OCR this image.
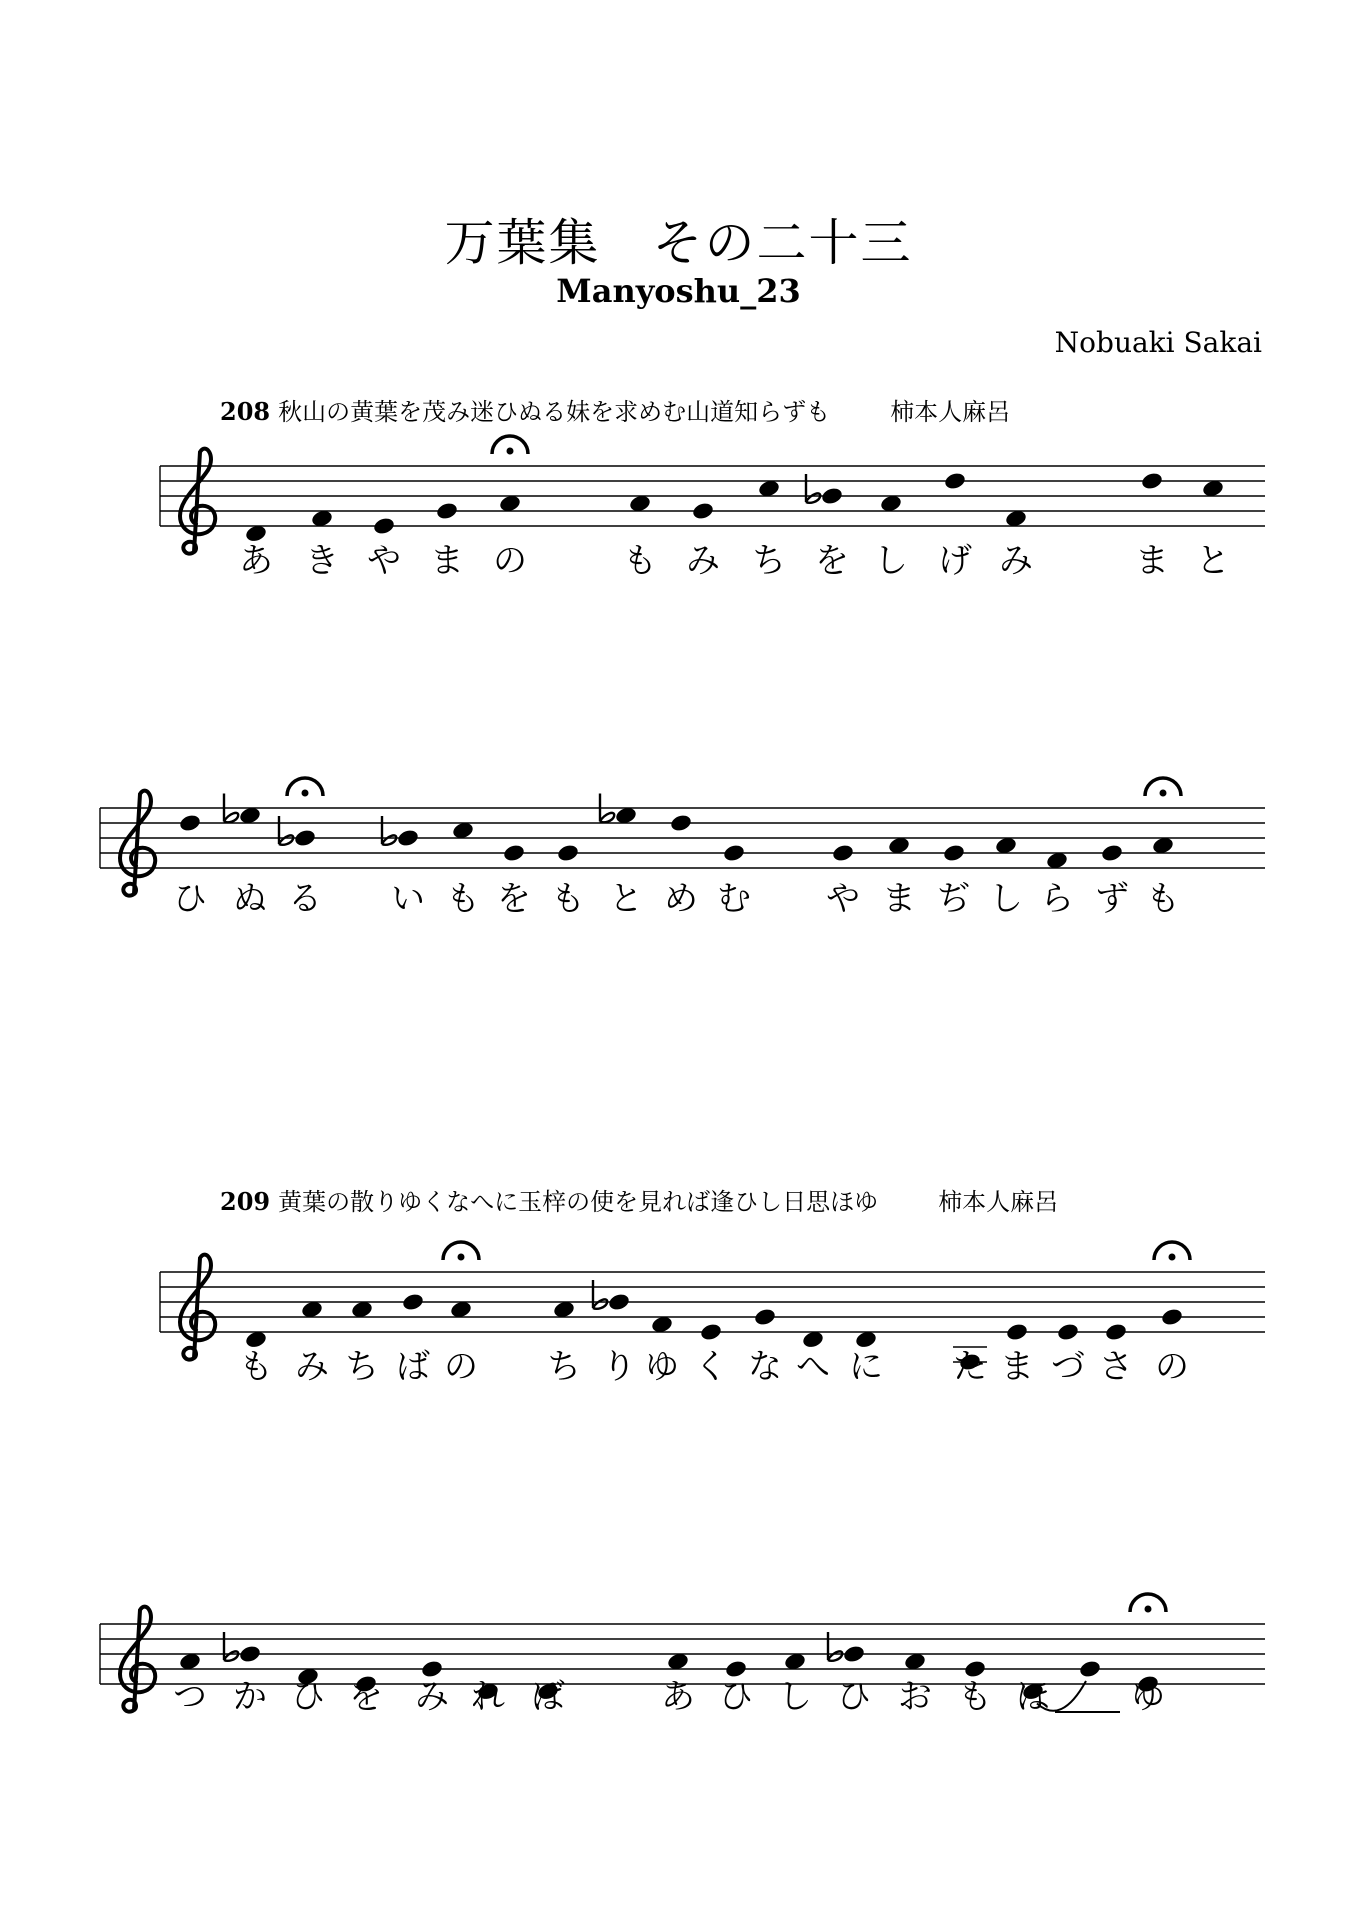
万葉集　その二十三
Manyoshu_23
Nobuaki Sakai
208 秋山の黄葉を茂み迷ひぬる妹を求めむ山道知らずも	柿本人麻呂
209 黄葉の散りゆくなへに玉梓の使を見れば逢ひし日思ほゆ	柿本人麻呂
あ き や ま の	も み ち を し げ み	ま と
ひ ぬ る い も を も と め む や ま ぢ し ら ず も
も み ち ば の ち り ゆ く な へ に た ま づ さ の
つ か ひ を み れ ば	あ ひ し ひ お も ほ ゆ
